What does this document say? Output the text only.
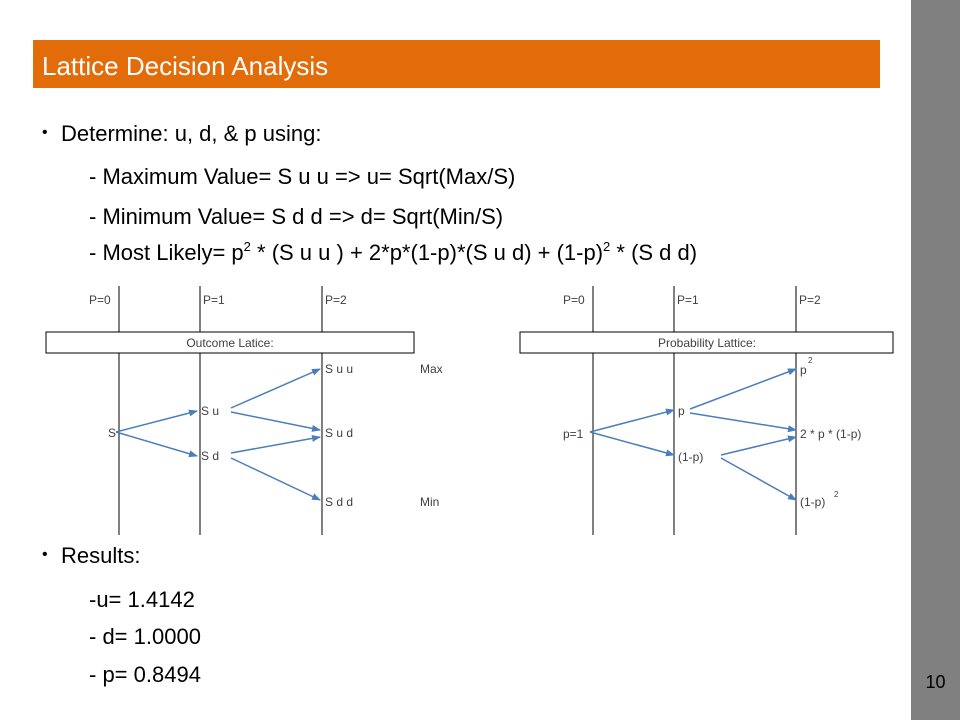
10
Lattice Decision Analysis
• Determine: u, d, & p using:
- Maximum Value= S u u => u= Sqrt(Max/S)
- Minimum Value= S d d => d= Sqrt(Min/S)
- Most Likely= $p^2 * (S$ u u ) + 2*p*(1-p)*(S u $d) + (1-p)^2 * (S$ d d)
P=0	P=1	P=2
Outcome Latice:
S
S u
S d
S u u
S u d
S d d
Max
Min
P=0	P=1	P=2
Probability Lattice:
p=1
p
(1-p)
p
2
2 * p * (1-p)
(1-p)
2
• Results:
-u= 1.4142
- d= 1.0000
- p= 0.8494
